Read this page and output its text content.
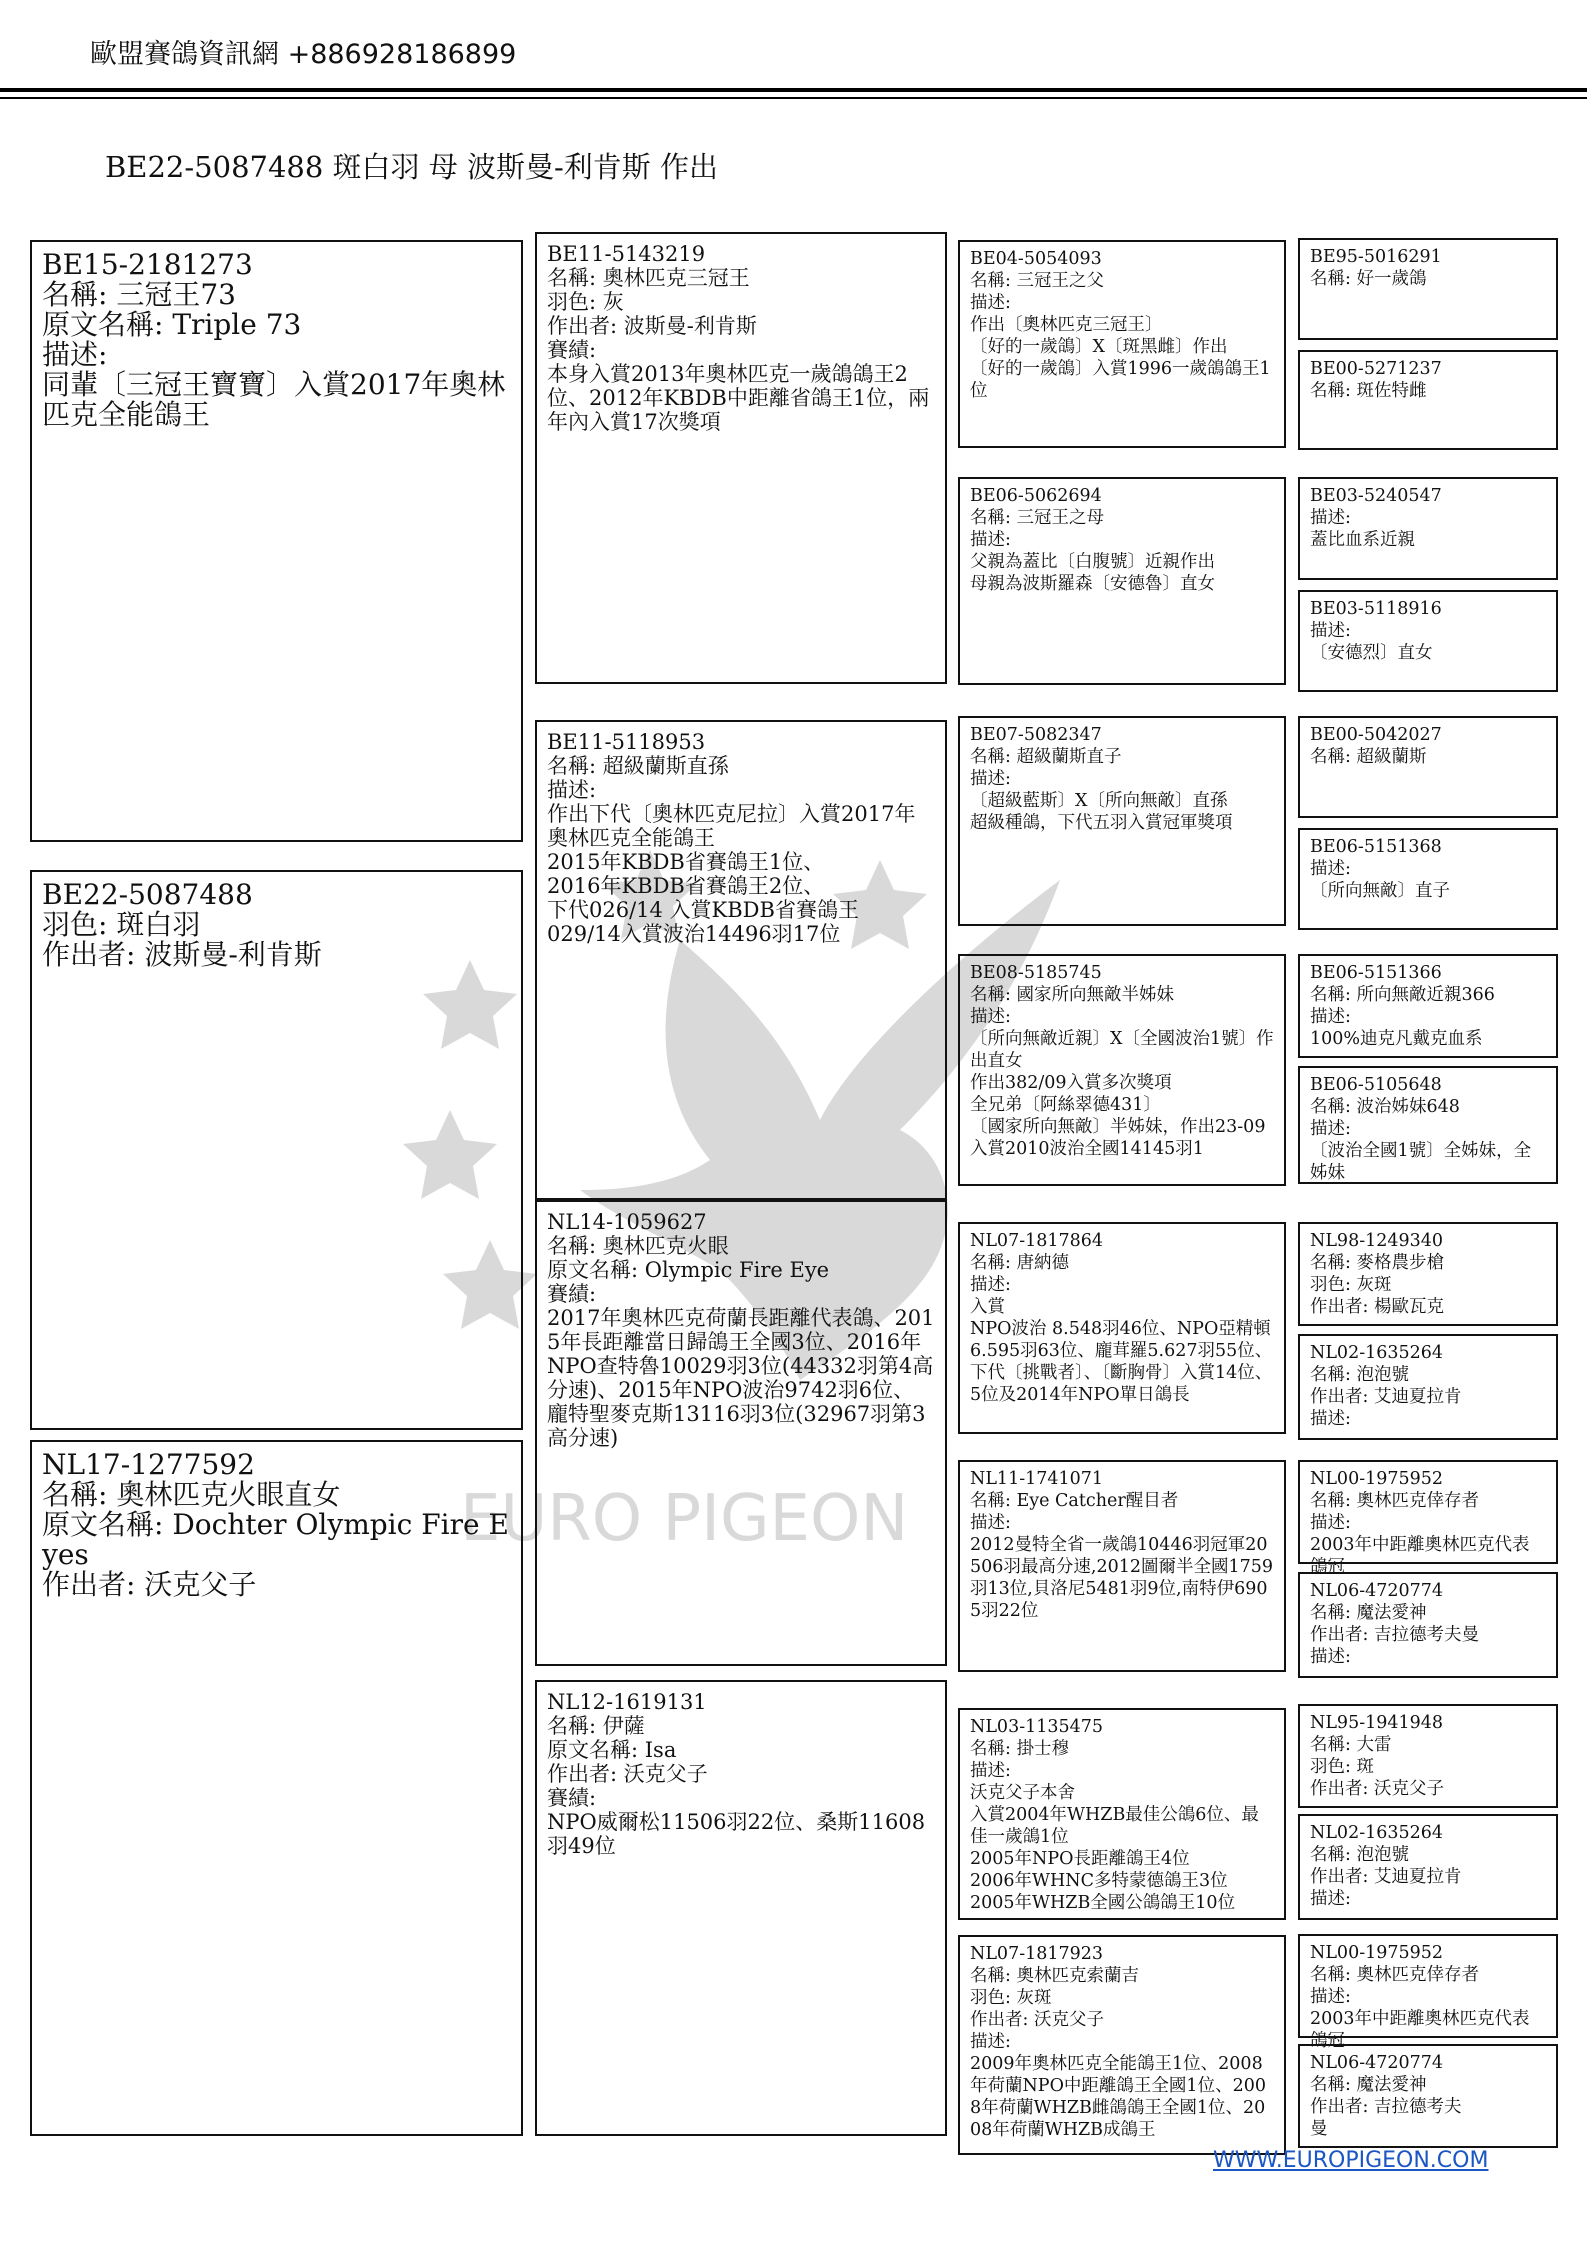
歐盟賽鴿資訊網 +886928186899
BE22-5087488 斑白羽 母 波斯曼-利肯斯 作出
EURO PIGEON
BE15-2181273
名稱: 三冠王73
原文名稱: Triple 73
描述:
同輩〔三冠王寶寶〕入賞2017年奧林匹克全能鴿王
BE22-5087488
羽色: 斑白羽
作出者: 波斯曼-利肯斯
NL17-1277592
名稱: 奧林匹克火眼直女
原文名稱: Dochter Olympic Fire Eyes
作出者: 沃克父子
BE11-5143219
名稱: 奧林匹克三冠王
羽色: 灰
作出者: 波斯曼-利肯斯
賽績:
本身入賞2013年奧林匹克一歲鴿鴿王2位、2012年KBDB中距離省鴿王1位，兩年內入賞17次獎項
BE11-5118953
名稱: 超級蘭斯直孫
描述:
作出下代〔奧林匹克尼拉〕入賞2017年奧林匹克全能鴿王
2015年KBDB省賽鴿王1位、
2016年KBDB省賽鴿王2位、
下代026/14 入賞KBDB省賽鴿王
029/14入賞波治14496羽17位
NL14-1059627
名稱: 奧林匹克火眼
原文名稱: Olympic Fire Eye
賽績:
2017年奧林匹克荷蘭長距離代表鴿、2015年長距離當日歸鴿王全國3位、2016年NPO查特魯10029羽3位(44332羽第4高分速)、2015年NPO波治9742羽6位、龐特聖麥克斯13116羽3位(32967羽第3高分速)
NL12-1619131
名稱: 伊薩
原文名稱: Isa
作出者: 沃克父子
賽績:
NPO威爾松11506羽22位、桑斯11608羽49位
BE04-5054093
名稱: 三冠王之父
描述:
作出〔奧林匹克三冠王〕
〔好的一歲鴿〕X〔斑黑雌〕作出
〔好的一歲鴿〕入賞1996一歲鴿鴿王1位
BE06-5062694
名稱: 三冠王之母
描述:
父親為蓋比〔白腹號〕近親作出
母親為波斯羅森〔安德魯〕直女
BE07-5082347
名稱: 超級蘭斯直子
描述:
〔超級藍斯〕X〔所向無敵〕直孫
超級種鴿，下代五羽入賞冠軍獎項
BE08-5185745
名稱: 國家所向無敵半姊妹
描述:
〔所向無敵近親〕X〔全國波治1號〕作出直女
作出382/09入賞多次獎項
全兄弟〔阿絲翠德431〕
〔國家所向無敵〕半姊妹，作出23-09入賞2010波治全國14145羽1
NL07-1817864
名稱: 唐納德
描述:
入賞
NPO波治 8.548羽46位、NPO亞精頓6.595羽63位、龐茸羅5.627羽55位、
下代〔挑戰者〕、〔斷胸骨〕入賞14位、5位及2014年NPO單日鴿長
NL11-1741071
名稱: Eye Catcher醒目者
描述:
2012曼特全省一歲鴿10446羽冠軍20506羽最高分速,2012圖爾半全國1759羽13位,貝洛尼5481羽9位,南特伊6905羽22位
NL03-1135475
名稱: 掛士穆
描述:
沃克父子本舍
入賞2004年WHZB最佳公鴿6位、最佳一歲鴿1位
2005年NPO長距離鴿王4位
2006年WHNC多特蒙德鴿王3位
2005年WHZB全國公鴿鴿王10位
NL07-1817923
名稱: 奧林匹克索蘭吉
羽色: 灰斑
作出者: 沃克父子
描述:
2009年奧林匹克全能鴿王1位、2008年荷蘭NPO中距離鴿王全國1位、2008年荷蘭WHZB雌鴿鴿王全國1位、2008年荷蘭WHZB成鴿王
BE95-5016291
名稱: 好一歲鴿
BE00-5271237
名稱: 斑佐特雌
BE03-5240547
描述:
蓋比血系近親
BE03-5118916
描述:
〔安德烈〕直女
BE00-5042027
名稱: 超級蘭斯
BE06-5151368
描述:
〔所向無敵〕直子
BE06-5151366
名稱: 所向無敵近親366
描述:
100%迪克凡戴克血系
BE06-5105648
名稱: 波治姊妹648
描述:
〔波治全國1號〕全姊妹，全姊妹
NL98-1249340
名稱: 麥格農步槍
羽色: 灰斑
作出者: 楊歐瓦克
NL02-1635264
名稱: 泡泡號
作出者: 艾迪夏拉肯
描述:
NL00-1975952
名稱: 奧林匹克倖存者
描述:
2003年中距離奧林匹克代表鴿冠
NL06-4720774
名稱: 魔法愛神
作出者: 吉拉德考夫曼
描述:
NL95-1941948
名稱: 大雷
羽色: 斑
作出者: 沃克父子
NL02-1635264
名稱: 泡泡號
作出者: 艾迪夏拉肯
描述:
NL00-1975952
名稱: 奧林匹克倖存者
描述:
2003年中距離奧林匹克代表鴿冠
NL06-4720774
名稱: 魔法愛神
作出者: 吉拉德考夫
曼
WWW.EUROPIGEON.COM
